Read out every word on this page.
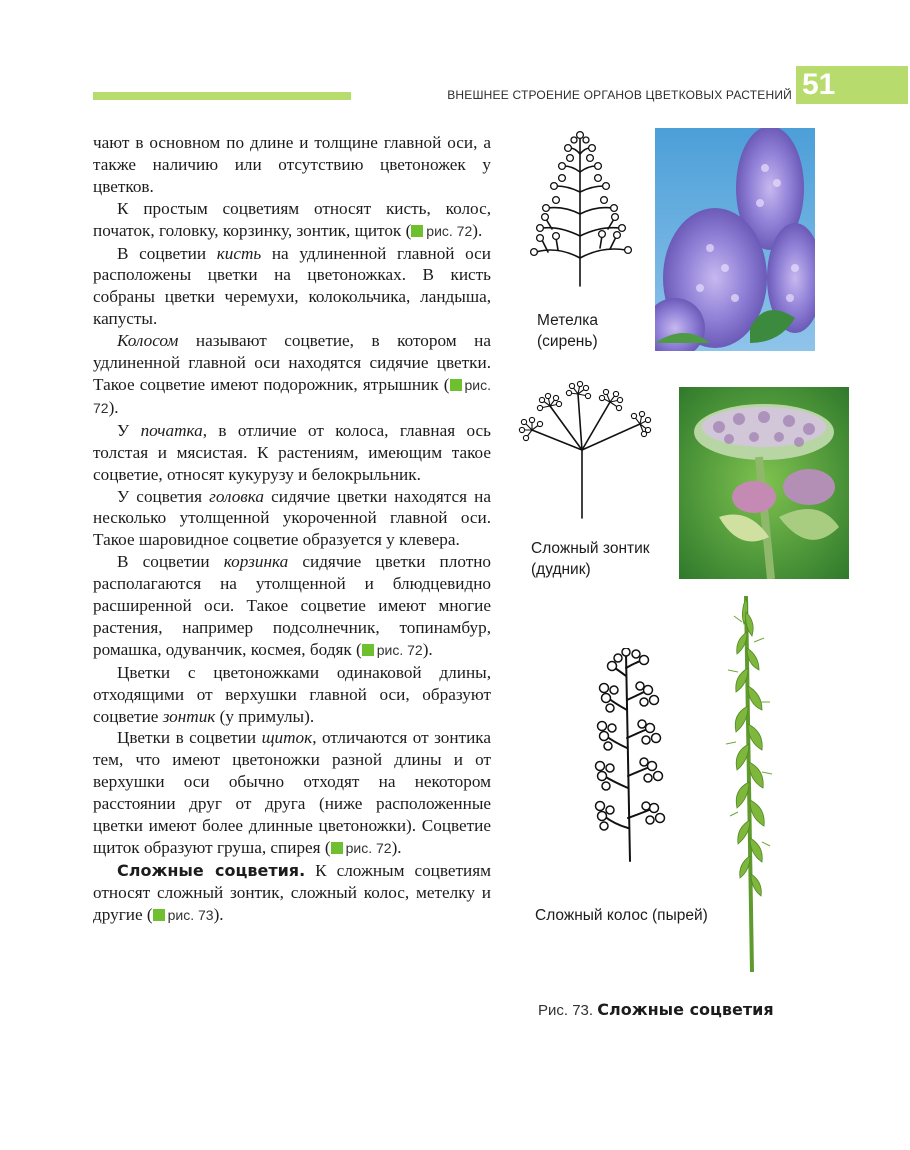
ВНЕШНЕЕ СТРОЕНИЕ ОРГАНОВ ЦВЕТКОВЫХ РАСТЕНИЙ 51

чают в основном по длине и толщине главной оси, а также наличию или отсутствию цветоножек у цветков.

К простым соцветиям относят кисть, колос, початок, головку, корзинку, зонтик, щиток ( рис. 72).

В соцветии кисть на удлиненной главной оси расположены цветки на цветоножках. В кисть собраны цветки черемухи, колокольчика, ландыша, капусты.

Колосом называют соцветие, в котором на удлиненной главной оси находятся сидячие цветки. Такое соцветие имеют подорожник, ятрышник ( рис. 72).

У початка, в отличие от колоса, главная ось толстая и мясистая. К растениям, имеющим такое соцветие, относят кукурузу и белокрыльник.

У соцветия головка сидячие цветки находятся на несколько утолщенной укороченной главной оси. Такое шаровидное соцветие образуется у клевера.

В соцветии корзинка сидячие цветки плотно располагаются на утолщенной и блюдцевидно расширенной оси. Такое соцветие имеют многие растения, например подсолнечник, топинамбур, ромашка, одуванчик, космея, бодяк ( рис. 72).

Цветки с цветоножками одинаковой длины, отходящими от верхушки главной оси, образуют соцветие зонтик (у примулы).

Цветки в соцветии щиток, отличаются от зонтика тем, что имеют цветоножки разной длины и от верхушки оси обычно отходят на некотором расстоянии друг от друга (ниже расположенные цветки имеют более длинные цветоножки). Соцветие щиток образуют груша, спирея ( рис. 72).

Сложные соцветия. К сложным соцветиям относят сложный зонтик, сложный колос, метелку и другие ( рис. 73).

Метелка
(сирень)
Сложный зонтик
(дудник)
Сложный колос (пырей)
Рис. 73. Сложные соцветия
